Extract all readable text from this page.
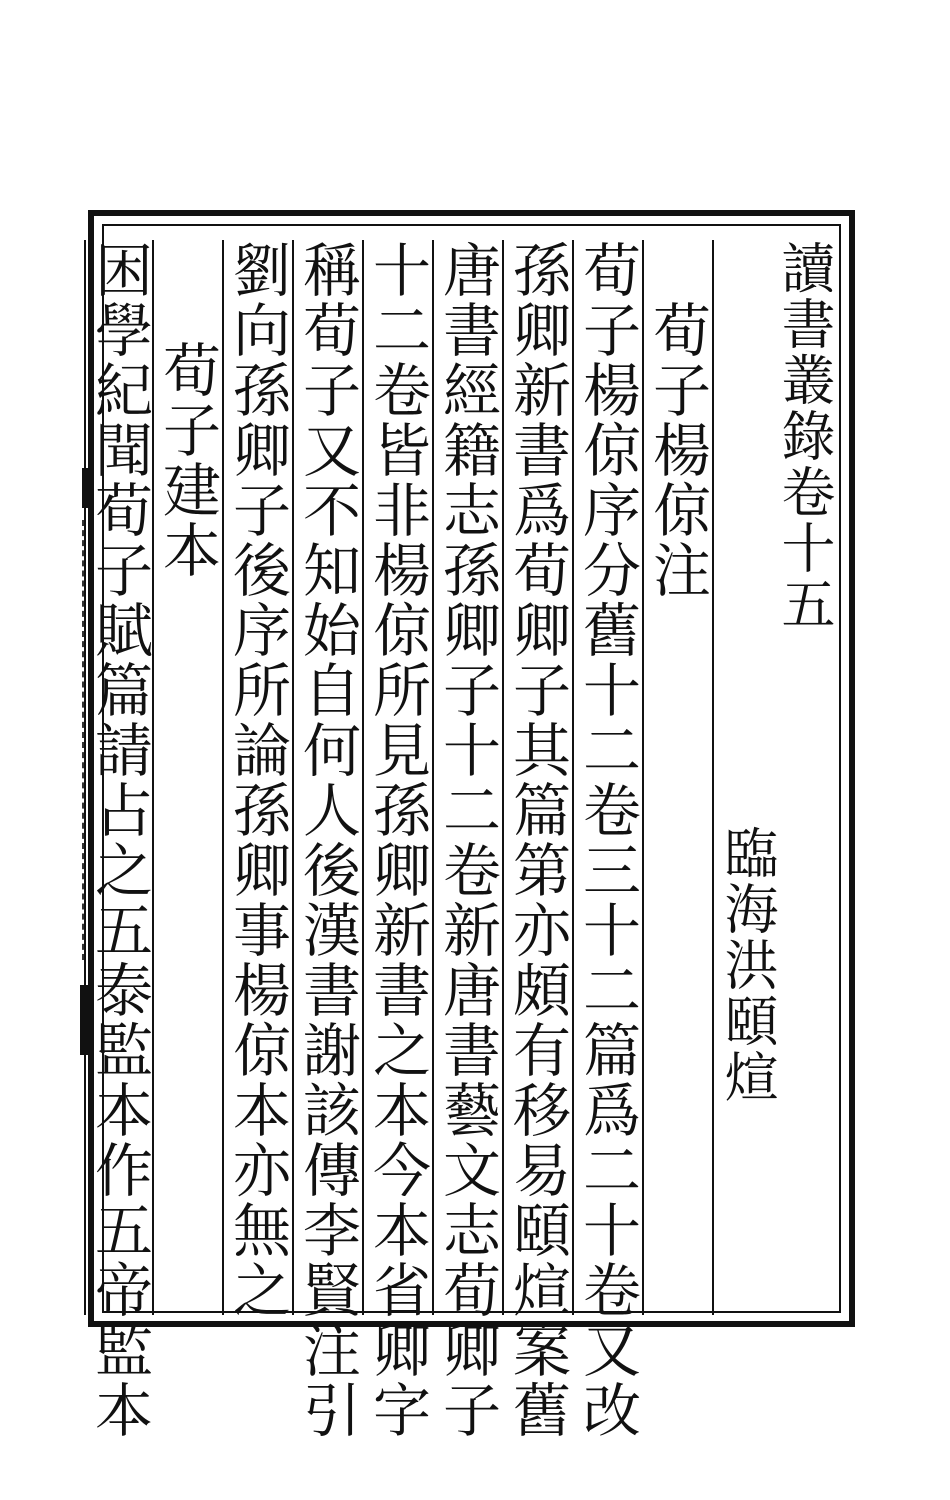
讀書叢錄卷十五
臨海洪頤煊
荀子楊倞注
荀子楊倞序分舊十二卷三十二篇爲二十卷又改
孫卿新書爲荀卿子其篇第亦頗有移易頤煊案舊
唐書經籍志孫卿子十二卷新唐書藝文志荀卿子
十二卷皆非楊倞所見孫卿新書之本今本省卿字
稱荀子又不知始自何人後漢書謝該傳李賢注引
劉向孫卿子後序所論孫卿事楊倞本亦無之
荀子建本
困學紀聞荀子賦篇請占之五泰監本作五帝監本
